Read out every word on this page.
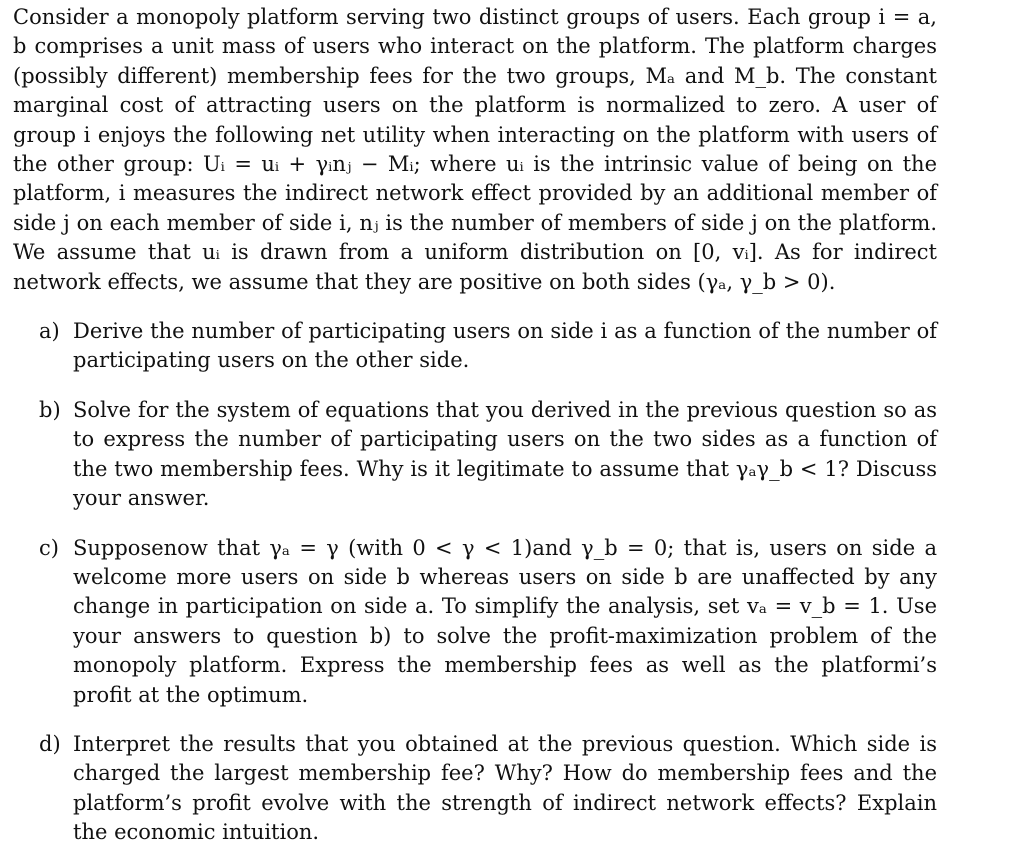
Consider a monopoly platform serving two distinct groups of users. Each group i = a, b comprises a unit mass of users who interact on the platform. The platform charges (possibly different) membership fees for the two groups, Mₐ and M_b. The constant marginal cost of attracting users on the platform is normalized to zero. A user of group i enjoys the following net utility when interacting on the platform with users of the other group: Uᵢ = uᵢ + γᵢnⱼ − Mᵢ; where uᵢ is the intrinsic value of being on the platform, i measures the indirect network effect provided by an additional member of side j on each member of side i, nⱼ is the number of members of side j on the platform. We assume that uᵢ is drawn from a uniform distribution on [0, vᵢ]. As for indirect network effects, we assume that they are positive on both sides (γₐ, γ_b > 0).

a) Derive the number of participating users on side i as a function of the number of participating users on the other side.
b) Solve for the system of equations that you derived in the previous question so as to express the number of participating users on the two sides as a function of the two membership fees. Why is it legitimate to assume that γₐγ_b < 1? Discuss your answer.
c) Supposenow that γₐ = γ (with 0 < γ < 1)and γ_b = 0; that is, users on side a welcome more users on side b whereas users on side b are unaffected by any change in participation on side a. To simplify the analysis, set vₐ = v_b = 1. Use your answers to question b) to solve the profit-maximization problem of the monopoly platform. Express the membership fees as well as the platformi’s profit at the optimum.
d) Interpret the results that you obtained at the previous question. Which side is charged the largest membership fee? Why? How do membership fees and the platform’s profit evolve with the strength of indirect network effects? Explain the economic intuition.
